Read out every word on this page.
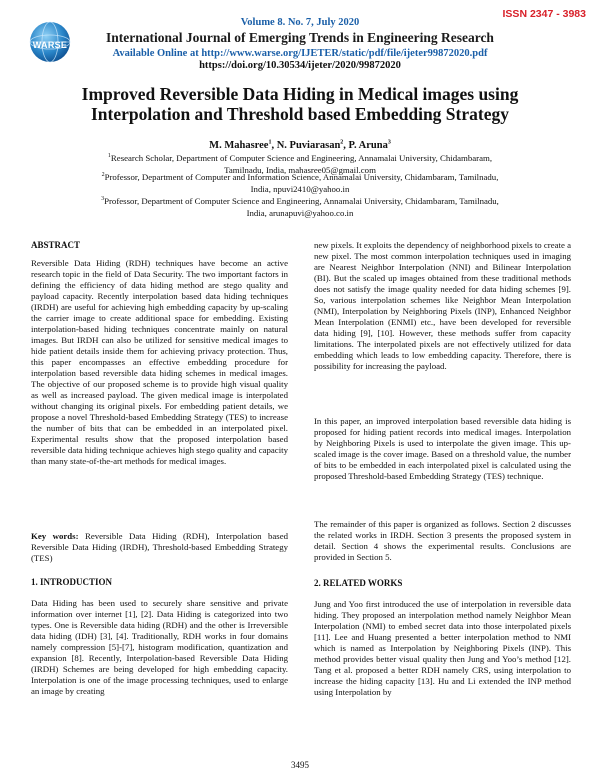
ISSN 2347 - 3983
WARSE
Volume 8. No. 7, July 2020
International Journal of Emerging Trends in Engineering Research
Available Online at http://www.warse.org/IJETER/static/pdf/file/ijeter99872020.pdf
https://doi.org/10.30534/ijeter/2020/99872020
Improved Reversible Data Hiding in Medical images using
Interpolation and Threshold based Embedding Strategy
M. Mahasree$^1$, N. Puviarasan$^2$, P. Aruna$^3$
$^1$Research Scholar, Department of Computer Science and Engineering, Annamalai University, Chidambaram,
Tamilnadu, India, mahasree05@gmail.com
$^2$Professor, Department of Computer and Information Science, Annamalai University, Chidambaram, Tamilnadu,
India, npuvi2410@yahoo.in
$^3$Professor, Department of Computer Science and Engineering, Annamalai University, Chidambaram, Tamilnadu,
India, arunapuvi@yahoo.co.in

ABSTRACT

Reversible Data Hiding (RDH) techniques have become an active research topic in the field of Data Security. The two important factors in defining the efficiency of data hiding method are stego quality and payload capacity. Recently interpolation based data hiding techniques (IRDH) are useful for achieving high embedding capacity by up-scaling the carrier image to create additional space for embedding. Existing interpolation-based hiding techniques concentrate mainly on natural images. But IRDH can also be utilized for sensitive medical images to hide patient details inside them for achieving privacy protection. Thus, this paper encompasses an effective embedding procedure for interpolation based reversible data hiding schemes in medical images. The objective of our proposed scheme is to provide high visual quality as well as increased payload. The given medical image is interpolated without changing its original pixels. For embedding patient details, we propose a novel Threshold-based Embedding Strategy (TES) to increase the number of bits that can be embedded in an interpolated pixel. Experimental results show that the proposed interpolation based reversible data hiding technique achieves high stego quality and capacity than many state-of-the-art methods for medical images.

Key words: Reversible Data Hiding (RDH), Interpolation based Reversible Data Hiding (IRDH), Threshold-based Embedding Strategy (TES)

1. INTRODUCTION

Data Hiding has been used to securely share sensitive and private information over internet [1], [2]. Data Hiding is categorized into two types. One is Reversible data hiding (RDH) and the other is Irreversible data hiding (IDH) [3], [4]. Traditionally, RDH works in four domains namely compression [5]-[7], histogram modification, quantization and expansion [8]. Recently, Interpolation-based Reversible Data Hiding (IRDH) Schemes are being developed for high embedding capacity. Interpolation is one of the image processing techniques, used to enlarge an image by creating

new pixels. It exploits the dependency of neighborhood pixels to create a new pixel. The most common interpolation techniques used in imaging are Nearest Neighbor Interpolation (NNI) and Bilinear Interpolation (BI). But the scaled up images obtained from these traditional methods does not satisfy the image quality needed for data hiding schemes [9]. So, various interpolation schemes like Neighbor Mean Interpolation (NMI), Interpolation by Neighboring Pixels (INP), Enhanced Neighbor Mean Interpolation (ENMI) etc., have been developed for reversible data hiding [9], [10]. However, these methods suffer from capacity limitations. The interpolated pixels are not effectively utilized for data embedding which leads to low embedding capacity. Therefore, there is possibility for increasing the payload.

In this paper, an improved interpolation based reversible data hiding is proposed for hiding patient records into medical images. Interpolation by Neighboring Pixels is used to interpolate the given image. This up-scaled image is the cover image. Based on a threshold value, the number of bits to be embedded in each interpolated pixel is calculated using the proposed Threshold-based Embedding Strategy (TES) technique.

The remainder of this paper is organized as follows. Section 2 discusses the related works in IRDH. Section 3 presents the proposed system in detail. Section 4 shows the experimental results. Conclusions are provided in Section 5.

2. RELATED WORKS

Jung and Yoo first introduced the use of interpolation in reversible data hiding. They proposed an interpolation method namely Neighbor Mean Interpolation (NMI) to embed secret data into those interpolated pixels [11]. Lee and Huang presented a better interpolation method to NMI which is named as Interpolation by Neighboring Pixels (INP). This method provides better visual quality then Jung and Yoo’s method [12]. Tang et al. proposed a better RDH namely CRS, using interpolation to increase the hiding capacity [13]. Hu and Li extended the INP method using Interpolation by

3495
